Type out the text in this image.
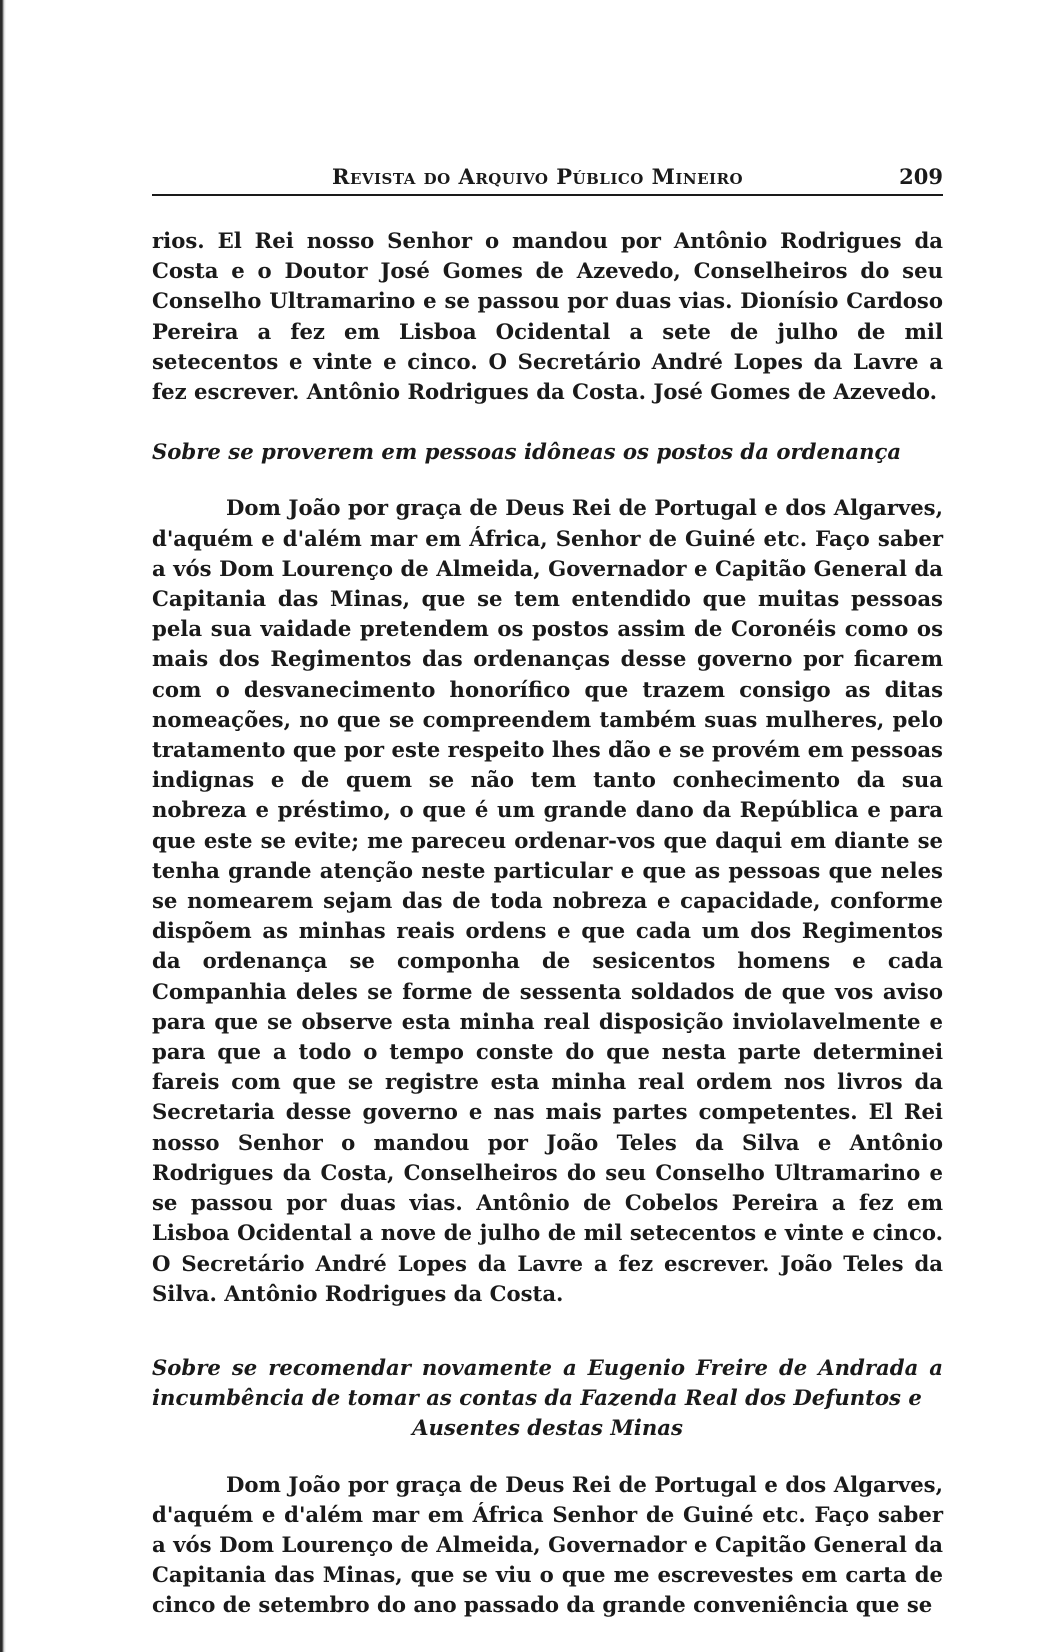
Revista do Arquivo Público Mineiro	209

rios. El Rei nosso Senhor o mandou por Antônio Rodrigues da Costa e o Doutor José Gomes de Azevedo, Conselheiros do seu Conselho Ultramarino e se passou por duas vias. Dionísio Cardoso Pereira a fez em Lisboa Ocidental a sete de julho de mil setecentos e vinte e cinco. O Secretário André Lopes da Lavre a fez escrever. Antônio Rodrigues da Costa. José Gomes de Azevedo.

Sobre se proverem em pessoas idôneas os postos da ordenança

Dom João por graça de Deus Rei de Portugal e dos Algarves, d'aquém e d'além mar em África, Senhor de Guiné etc. Faço saber a vós Dom Lourenço de Almeida, Governador e Capitão General da Capitania das Minas, que se tem entendido que muitas pessoas pela sua vaidade pretendem os postos assim de Coronéis como os mais dos Regimentos das ordenanças desse governo por ficarem com o desvanecimento honorífico que trazem consigo as ditas nomeações, no que se compreendem também suas mulheres, pelo tratamento que por este respeito lhes dão e se provém em pessoas indignas e de quem se não tem tanto conhecimento da sua nobreza e préstimo, o que é um grande dano da República e para que este se evite; me pareceu ordenar-vos que daqui em diante se tenha grande atenção neste particular e que as pessoas que neles se nomearem sejam das de toda nobreza e capacidade, conforme dispõem as minhas reais ordens e que cada um dos Regimentos da ordenança se componha de sesicentos homens e cada Companhia deles se forme de sessenta soldados de que vos aviso para que se observe esta minha real disposição inviolavelmente e para que a todo o tempo conste do que nesta parte determinei fareis com que se registre esta minha real ordem nos livros da Secretaria desse governo e nas mais partes competentes. El Rei nosso Senhor o mandou por João Teles da Silva e Antônio Rodrigues da Costa, Conselheiros do seu Conselho Ultramarino e se passou por duas vias. Antônio de Cobelos Pereira a fez em Lisboa Ocidental a nove de julho de mil setecentos e vinte e cinco. O Secretário André Lopes da Lavre a fez escrever. João Teles da Silva. Antônio Rodrigues da Costa.

Sobre se recomendar novamente a Eugenio Freire de Andrada a incumbência de tomar as contas da Fazenda Real dos Defuntos e

Ausentes destas Minas

Dom João por graça de Deus Rei de Portugal e dos Algarves, d'aquém e d'além mar em África Senhor de Guiné etc. Faço saber a vós Dom Lourenço de Almeida, Governador e Capitão General da Capitania das Minas, que se viu o que me escrevestes em carta de cinco de setembro do ano passado da grande conveniência que se
